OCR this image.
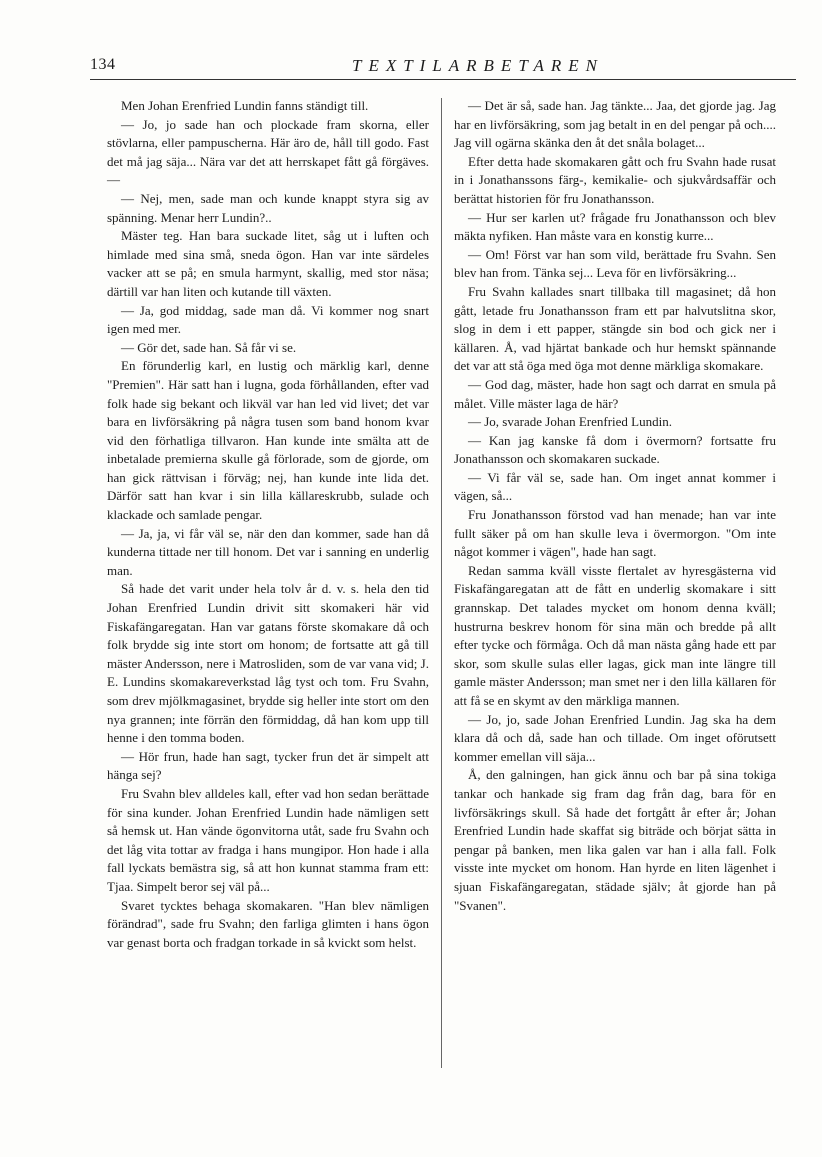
134	TEXTILARBETAREN

Men Johan Erenfried Lundin fanns ständigt till.

— Jo, jo sade han och plockade fram skorna, eller stövlarna, eller pampuscherna. Här äro de, håll till godo. Fast det må jag säja... Nära var det att herrskapet fått gå förgäves. —

— Nej, men, sade man och kunde knappt styra sig av spänning. Menar herr Lundin?..

Mäster teg. Han bara suckade litet, såg ut i luften och himlade med sina små, sneda ögon. Han var inte särdeles vacker att se på; en smula harmynt, skallig, med stor näsa; därtill var han liten och kutande till växten.

— Ja, god middag, sade man då. Vi kommer nog snart igen med mer.

— Gör det, sade han. Så får vi se.

En förunderlig karl, en lustig och märklig karl, denne "Premien". Här satt han i lugna, goda förhållanden, efter vad folk hade sig bekant och likväl var han led vid livet; det var bara en livförsäkring på några tusen som band honom kvar vid den förhatliga tillvaron. Han kunde inte smälta att de inbetalade premierna skulle gå förlorade, som de gjorde, om han gick rättvisan i förväg; nej, han kunde inte lida det. Därför satt han kvar i sin lilla källareskrubb, sulade och klackade och samlade pengar.

— Ja, ja, vi får väl se, när den dan kommer, sade han då kunderna tittade ner till honom. Det var i sanning en underlig man.

Så hade det varit under hela tolv år d. v. s. hela den tid Johan Erenfried Lundin drivit sitt skomakeri här vid Fiskafängaregatan. Han var gatans förste skomakare då och folk brydde sig inte stort om honom; de fortsatte att gå till mäster Andersson, nere i Matrosliden, som de var vana vid; J. E. Lundins skomakareverkstad låg tyst och tom. Fru Svahn, som drev mjölkmagasinet, brydde sig heller inte stort om den nya grannen; inte förrän den förmiddag, då han kom upp till henne i den tomma boden.

— Hör frun, hade han sagt, tycker frun det är simpelt att hänga sej?

Fru Svahn blev alldeles kall, efter vad hon sedan berättade för sina kunder. Johan Erenfried Lundin hade nämligen sett så hemsk ut. Han vände ögonvitorna utåt, sade fru Svahn och det låg vita tottar av fradga i hans mungipor. Hon hade i alla fall lyckats bemästra sig, så att hon kunnat stamma fram ett: Tjaa. Simpelt beror sej väl på...

Svaret tycktes behaga skomakaren. "Han blev nämligen förändrad", sade fru Svahn; den farliga glimten i hans ögon var genast borta och fradgan torkade in så kvickt som helst.

— Det är så, sade han. Jag tänkte... Jaa, det gjorde jag. Jag har en livförsäkring, som jag betalt in en del pengar på och.... Jag vill ogärna skänka den åt det snåla bolaget...

Efter detta hade skomakaren gått och fru Svahn hade rusat in i Jonathanssons färg-, kemikalie- och sjukvårdsaffär och berättat historien för fru Jonathansson.

— Hur ser karlen ut? frågade fru Jonathansson och blev mäkta nyfiken. Han måste vara en konstig kurre...

— Om! Först var han som vild, berättade fru Svahn. Sen blev han from. Tänka sej... Leva för en livförsäkring...

Fru Svahn kallades snart tillbaka till magasinet; då hon gått, letade fru Jonathansson fram ett par halvutslitna skor, slog in dem i ett papper, stängde sin bod och gick ner i källaren. Å, vad hjärtat bankade och hur hemskt spännande det var att stå öga med öga mot denne märkliga skomakare.

— God dag, mäster, hade hon sagt och darrat en smula på målet. Ville mäster laga de här?

— Jo, svarade Johan Erenfried Lundin.

— Kan jag kanske få dom i övermorn? fortsatte fru Jonathansson och skomakaren suckade.

— Vi får väl se, sade han. Om inget annat kommer i vägen, så...

Fru Jonathansson förstod vad han menade; han var inte fullt säker på om han skulle leva i övermorgon. "Om inte något kommer i vägen", hade han sagt.

Redan samma kväll visste flertalet av hyresgästerna vid Fiskafängaregatan att de fått en underlig skomakare i sitt grannskap. Det talades mycket om honom denna kväll; hustrurna beskrev honom för sina män och bredde på allt efter tycke och förmåga. Och då man nästa gång hade ett par skor, som skulle sulas eller lagas, gick man inte längre till gamle mäster Andersson; man smet ner i den lilla källaren för att få se en skymt av den märkliga mannen.

— Jo, jo, sade Johan Erenfried Lundin. Jag ska ha dem klara då och då, sade han och tillade. Om inget oförutsett kommer emellan vill säja...

Å, den galningen, han gick ännu och bar på sina tokiga tankar och hankade sig fram dag från dag, bara för en livförsäkrings skull. Så hade det fortgått år efter år; Johan Erenfried Lundin hade skaffat sig biträde och börjat sätta in pengar på banken, men lika galen var han i alla fall. Folk visste inte mycket om honom. Han hyrde en liten lägenhet i sjuan Fiskafängaregatan, städade själv; åt gjorde han på "Svanen".
